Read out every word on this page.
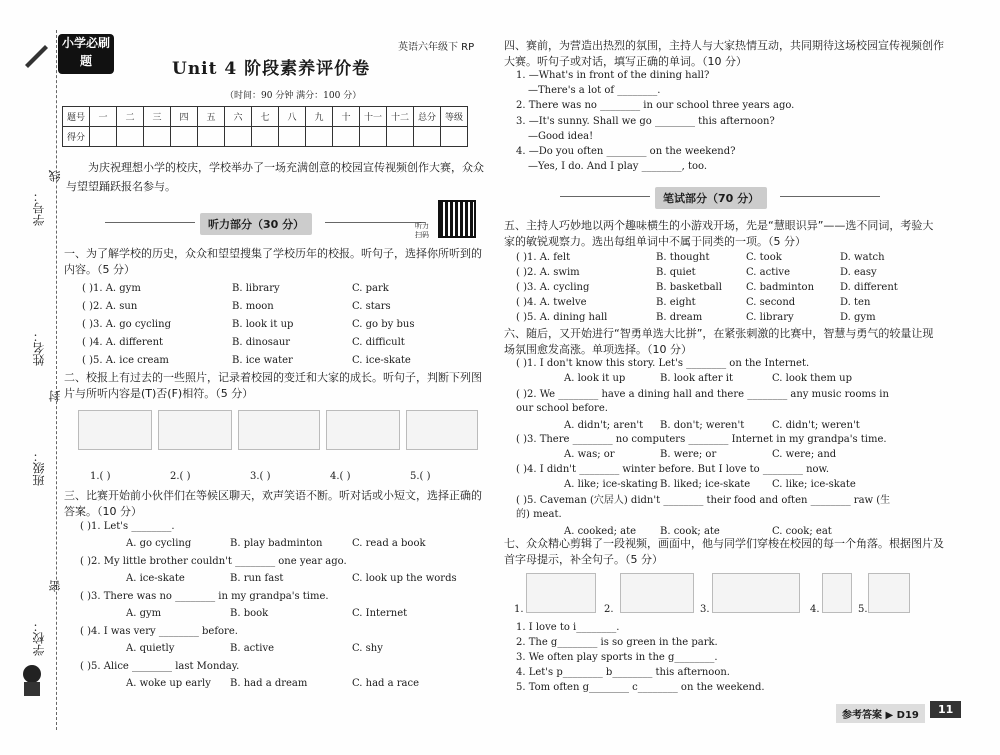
学号：
线
姓名：
封
班级：
密
学校：
小学必刷题
英语六年级下 RP
Unit 4 阶段素养评价卷
（时间：90 分钟 满分：100 分）
题号	一	二	三	四	五	六	七	八	九	十	十一	十二	总分	等级
得分														
为庆祝理想小学的校庆，学校举办了一场充满创意的校园宣传视频创作大赛，众众与望望踊跃报名参与。
听力部分（30 分）	听力扫码
一、为了解学校的历史，众众和望望搜集了学校历年的校报。听句子，选择你所听到的内容。（5 分）
( )1. A. gym	B. library	C. park
( )2. A. sun	B. moon	C. stars
( )3. A. go cycling	B. look it up	C. go by bus
( )4. A. different	B. dinosaur	C. difficult
( )5. A. ice cream	B. ice water	C. ice-skate
二、校报上有过去的一些照片，记录着校园的变迁和大家的成长。听句子，判断下列图片与所听内容是(T)否(F)相符。（5 分）
1.( )	2.( )	3.( )	4.( )	5.( )
三、比赛开始前小伙伴们在等候区聊天，欢声笑语不断。听对话或小短文，选择正确的答案。（10 分）
( )1. Let's ________.
A. go cycling	B. play badminton	C. read a book
( )2. My little brother couldn't ________ one year ago.
A. ice-skate	B. run fast	C. look up the words
( )3. There was no ________ in my grandpa's time.
A. gym	B. book	C. Internet
( )4. I was very ________ before.
A. quietly	B. active	C. shy
( )5. Alice ________ last Monday.
A. woke up early B. had a dream	C. had a race
四、赛前，为营造出热烈的氛围，主持人与大家热情互动，共同期待这场校园宣传视频创作大赛。听句子或对话，填写正确的单词。（10 分）
1. —What's in front of the dining hall?
—There's a lot of ________.
2. There was no ________ in our school three years ago.
3. —It's sunny. Shall we go ________ this afternoon?
—Good idea!
4. —Do you often ________ on the weekend?
—Yes, I do. And I play ________, too.
笔试部分（70 分）
五、主持人巧妙地以两个趣味横生的小游戏开场，先是“慧眼识异”——选不同词，考验大家的敏锐观察力。选出每组单词中不属于同类的一项。（5 分）
( )1. A. felt	B. thought	C. took	D. watch
( )2. A. swim	B. quiet	C. active	D. easy
( )3. A. cycling	B. basketball C. badminton	D. different
( )4. A. twelve	B. eight	C. second	D. ten
( )5. A. dining hall	B. dream	C. library	D. gym
六、随后，又开始进行“智勇单选大比拼”，在紧张刺激的比赛中，智慧与勇气的较量让现场氛围愈发高涨。单项选择。（10 分）
( )1. I don't know this story. Let's ________ on the Internet.
A. look it up	B. look after it	C. look them up
( )2. We ________ have a dining hall and there ________ any music rooms in our school before.
A. didn't; aren't B. don't; weren't	C. didn't; weren't
( )3. There ________ no computers ________ Internet in my grandpa's time.
A. was; or	B. were; or	C. were; and
( )4. I didn't ________ winter before. But I love to ________ now.
A. like; ice-skating B. liked; ice-skate C. like; ice-skate
( )5. Caveman (穴居人) didn't ________ their food and often ________ raw (生的) meat.
A. cooked; ate B. cook; ate	C. cook; eat
七、众众精心剪辑了一段视频，画面中，他与同学们穿梭在校园的每一个角落。根据图片及首字母提示，补全句子。（5 分）
1.	2.	3.	4.	5.
1. I love to i________.
2. The g________ is so green in the park.
3. We often play sports in the g________.
4. Let's p________ b________ this afternoon.
5. Tom often g________ c________ on the weekend.
参考答案 ▶ D19	11
